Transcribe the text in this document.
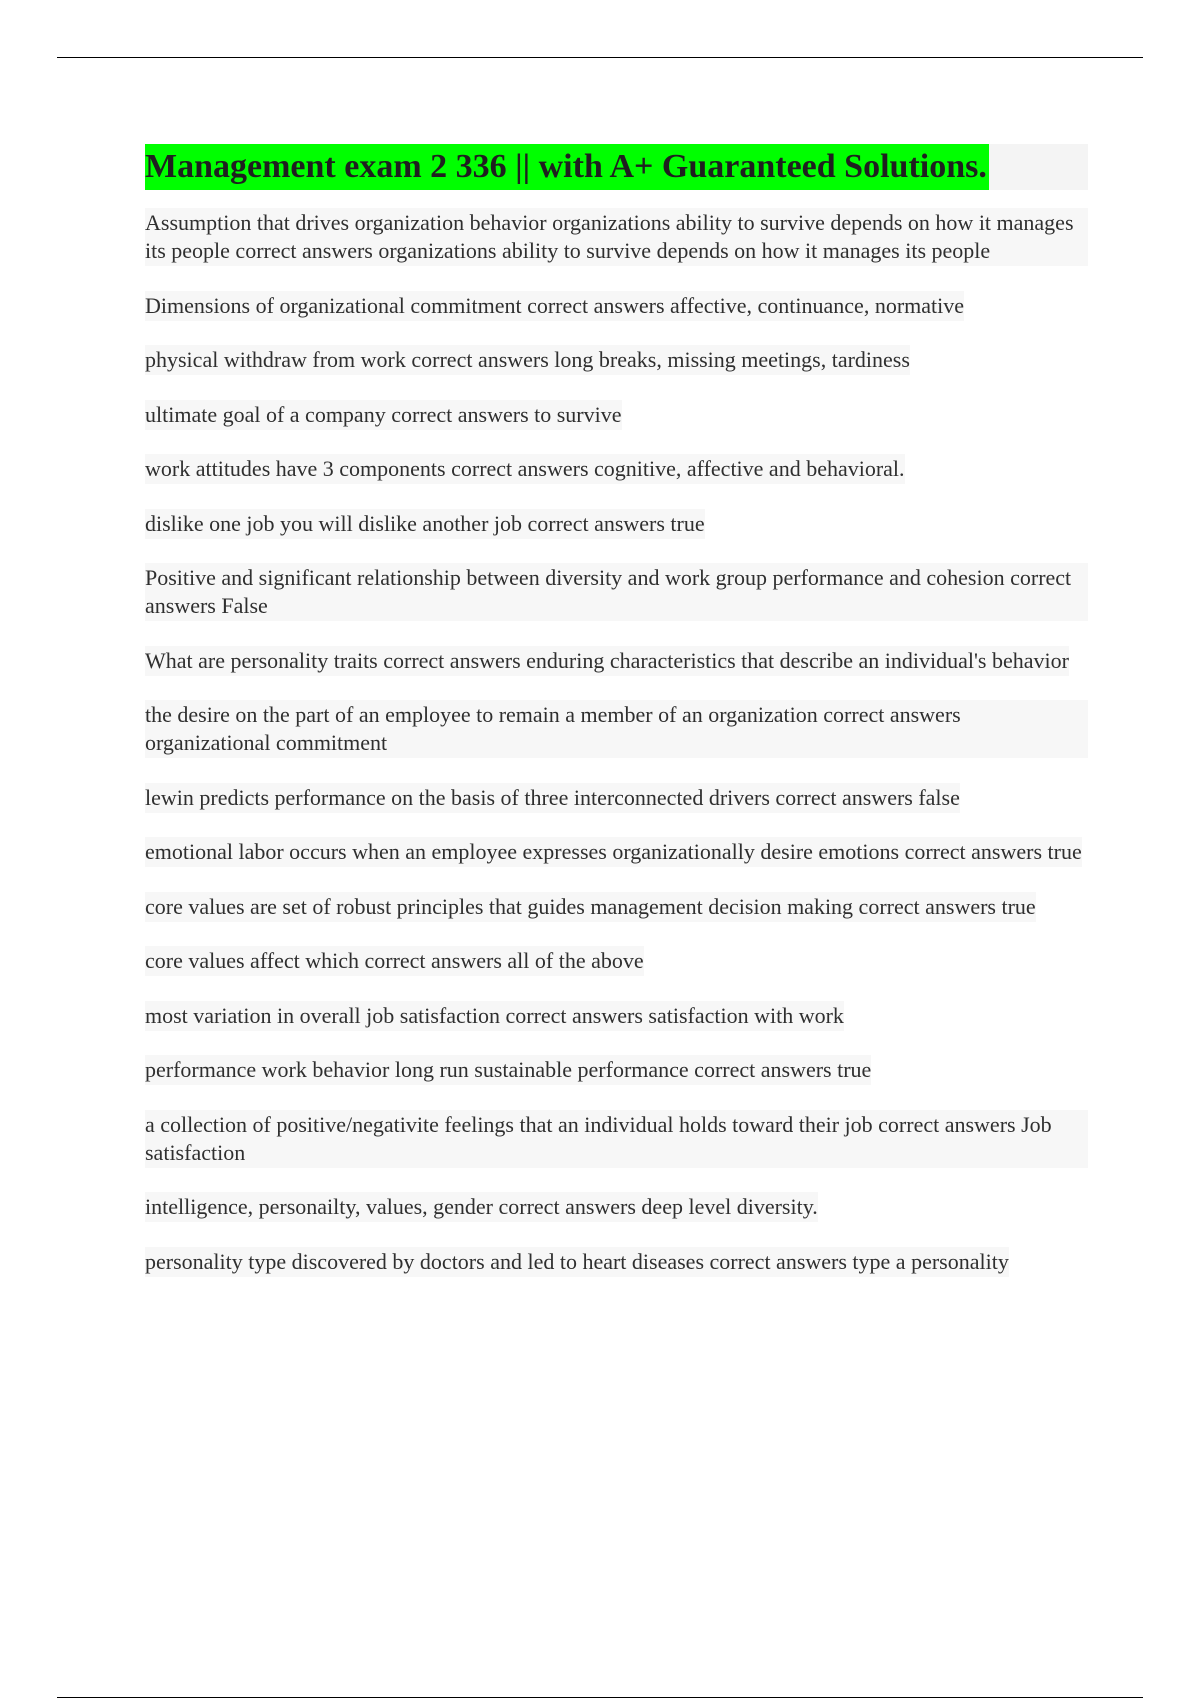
Management exam 2 336 || with A+ Guaranteed Solutions.
Assumption that drives organization behavior organizations ability to survive depends on how it manages its people correct answers organizations ability to survive depends on how it manages its people
Dimensions of organizational commitment correct answers affective, continuance, normative
physical withdraw from work correct answers long breaks, missing meetings, tardiness
ultimate goal of a company correct answers to survive
work attitudes have 3 components correct answers cognitive, affective and behavioral.
dislike one job you will dislike another job correct answers true
Positive and significant relationship between diversity and work group performance and cohesion correct answers False
What are personality traits correct answers enduring characteristics that describe an individual's behavior
the desire on the part of an employee to remain a member of an organization correct answers organizational commitment
lewin predicts performance on the basis of three interconnected drivers correct answers false
emotional labor occurs when an employee expresses organizationally desire emotions correct answers true
core values are set of robust principles that guides management decision making correct answers true
core values affect which correct answers all of the above
most variation in overall job satisfaction correct answers satisfaction with work
performance work behavior long run sustainable performance correct answers true
a collection of positive/negativite feelings that an individual holds toward their job correct answers Job satisfaction
intelligence, personailty, values, gender correct answers deep level diversity.
personality type discovered by doctors and led to heart diseases correct answers type a personality
